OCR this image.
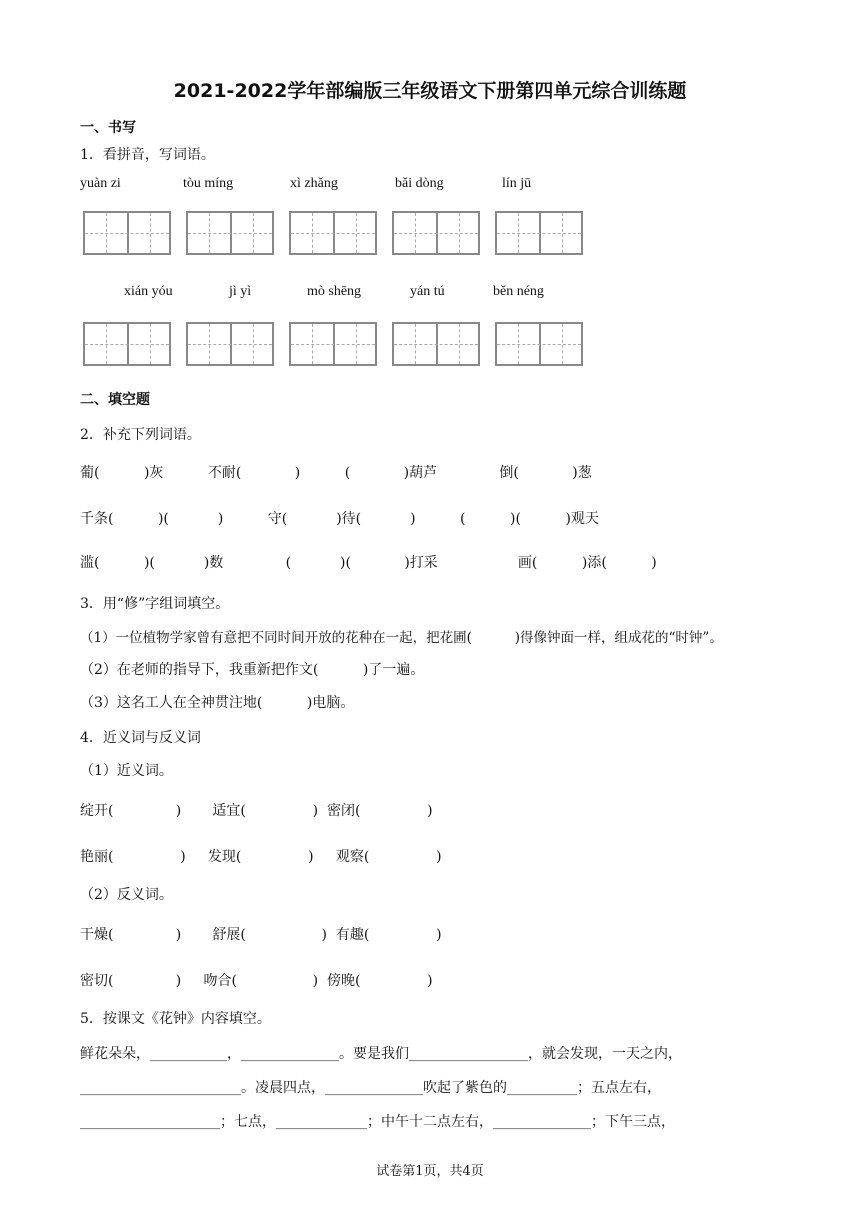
2021-2022学年部编版三年级语文下册第四单元综合训练题
一、书写
1．看拼音，写词语。
yuàn zi	tòu míng	xì zhǎng	bǎi dòng	lín jū
xián yóu	jì yì	mò shēng	yán tú	běn néng
二、填空题
2．补充下列词语。
葡(          )灰          不耐(            )          (            )葫芦              倒(            )葱
千条(          )(           )          守(           )待(           )          (          )(          )观天
滥(          )(           )数              (           )(            )打采                  画(          )添(          )
3．用“修”字组词填空。
（1）一位植物学家曾有意把不同时间开放的花种在一起，把花圃(          )得像钟面一样，组成花的“时钟”。
（2）在老师的指导下，我重新把作文(          )了一遍。
（3）这名工人在全神贯注地(          )电脑。
4．近义词与反义词
（1）近义词。
绽开(              )       适宜(               )  密闭(               )
艳丽(               )     发现(               )     观察(               )
（2）反义词。
干燥(              )       舒展(                 )  有趣(               )
密切(              )     吻合(                 )  傍晚(               )
5．按课文《花钟》内容填空。
鲜花朵朵，___________，______________。要是我们_________________，就会发现，一天之内，
_______________________。凌晨四点，______________吹起了紫色的__________；五点左右，
____________________；七点，_____________；中午十二点左右，______________；下午三点，
试卷第1页，共4页
